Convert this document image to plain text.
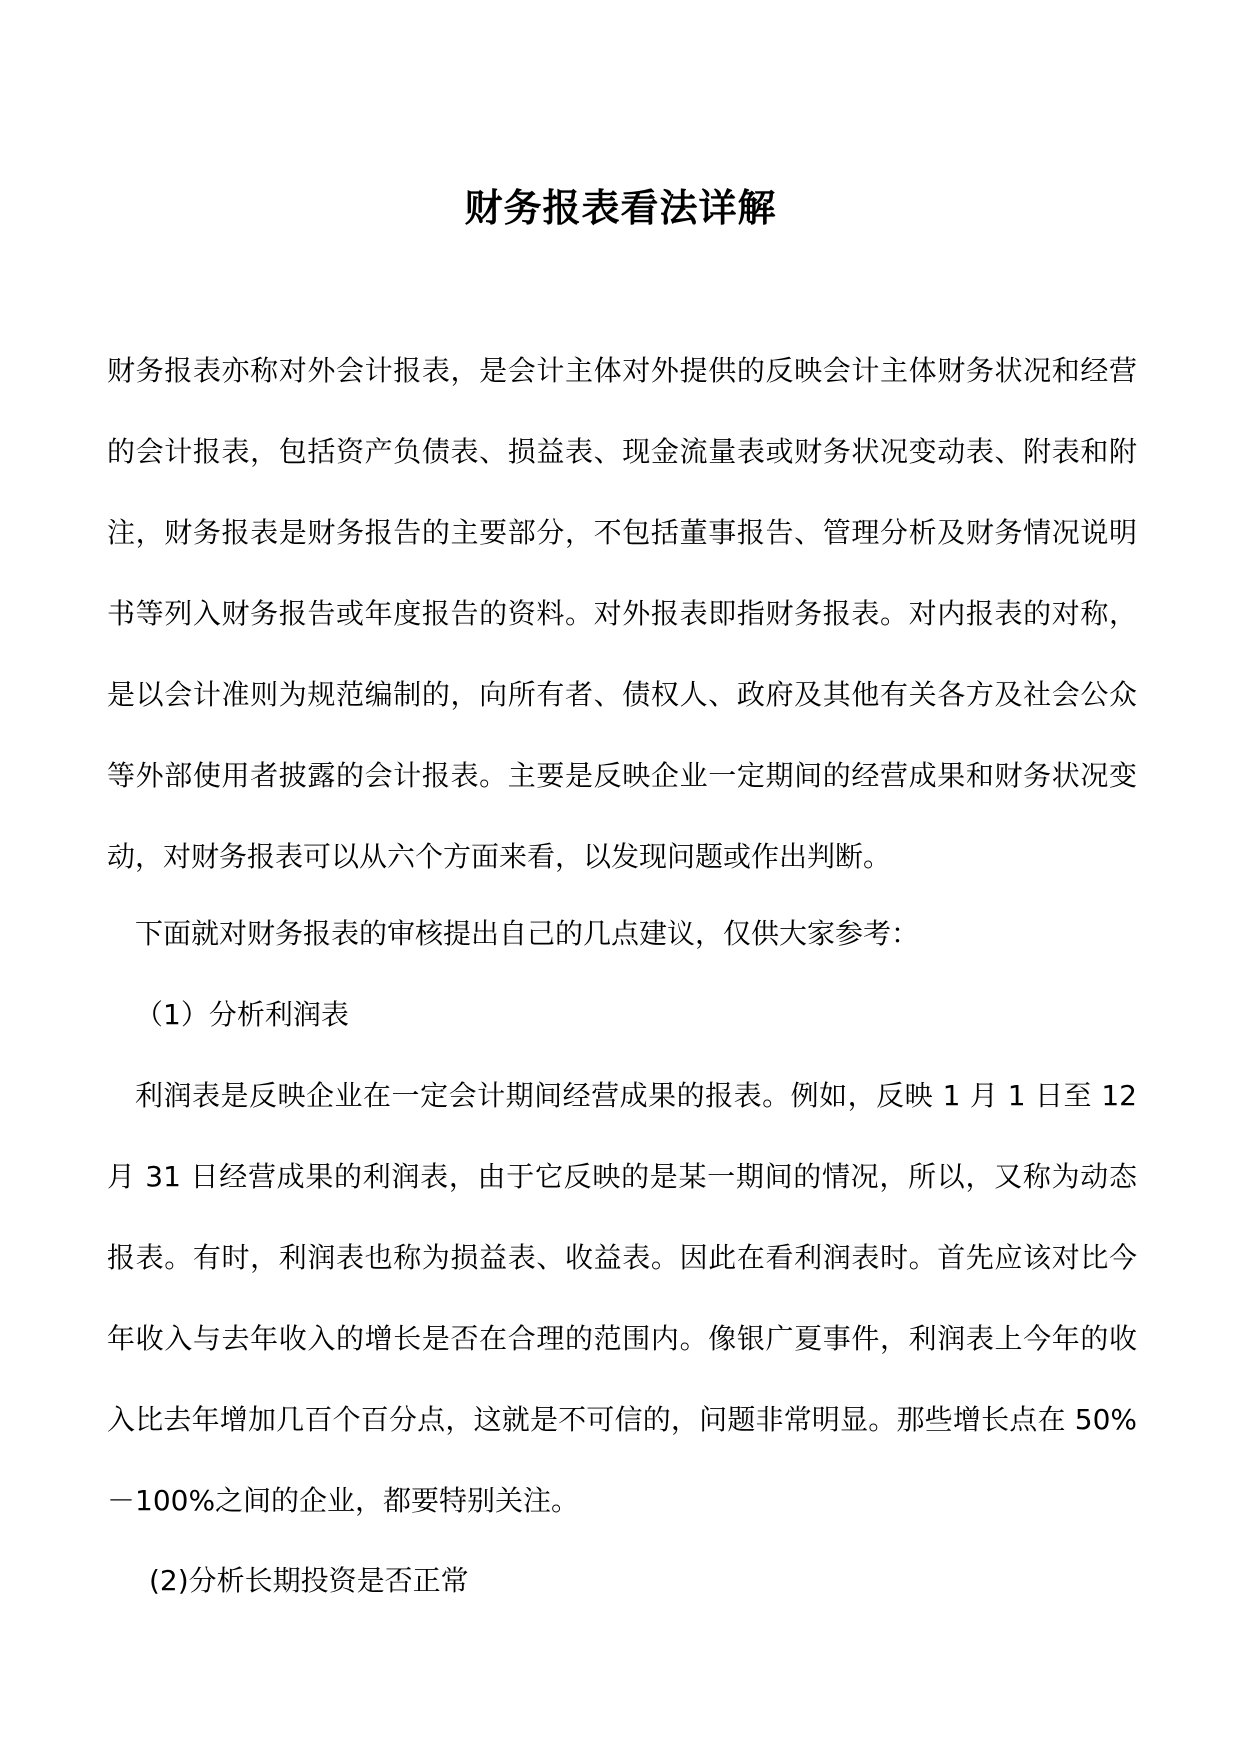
财务报表看法详解

财务报表亦称对外会计报表，是会计主体对外提供的反映会计主体财务状况和经营的会计报表，包括资产负债表、损益表、现金流量表或财务状况变动表、附表和附注，财务报表是财务报告的主要部分，不包括董事报告、管理分析及财务情况说明书等列入财务报告或年度报告的资料。对外报表即指财务报表。对内报表的对称，是以会计准则为规范编制的，向所有者、债权人、政府及其他有关各方及社会公众等外部使用者披露的会计报表。主要是反映企业一定期间的经营成果和财务状况变动，对财务报表可以从六个方面来看，以发现问题或作出判断。

下面就对财务报表的审核提出自己的几点建议，仅供大家参考：

（1）分析利润表

利润表是反映企业在一定会计期间经营成果的报表。例如，反映 1 月 1 日至 12 月 31 日经营成果的利润表，由于它反映的是某一期间的情况，所以，又称为动态报表。有时，利润表也称为损益表、收益表。因此在看利润表时。首先应该对比今年收入与去年收入的增长是否在合理的范围内。像银广夏事件，利润表上今年的收入比去年增加几百个百分点，这就是不可信的，问题非常明显。那些增长点在 50%－100%之间的企业，都要特别关注。

(2)分析长期投资是否正常
